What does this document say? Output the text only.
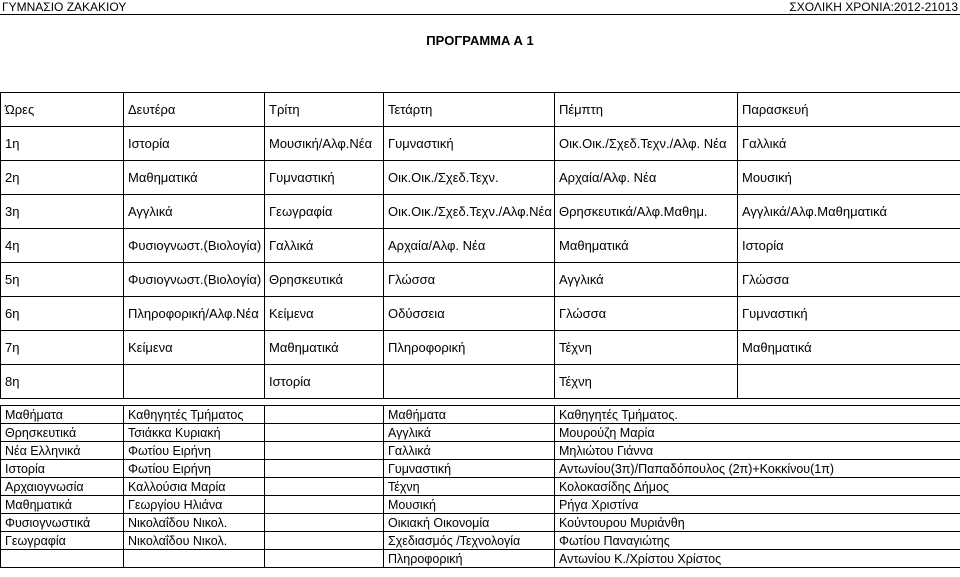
ΓΥΜΝΑΣΙΟ ΖΑΚΑΚΙΟΥ	ΣΧΟΛΙΚΗ ΧΡΟΝΙΑ:2012-21013
ΠΡΟΓΡΑΜΜΑ Α 1
Ώρες	Δευτέρα	Τρίτη	Τετάρτη	Πέμπτη	Παρασκευή
1η	Ιστορία	Μουσική/Αλφ.Νέα	Γυμναστική	Οικ.Οικ./Σχεδ.Τεχν./Αλφ. Νέα	Γαλλικά
2η	Μαθηματικά	Γυμναστική	Οικ.Οικ./Σχεδ.Τεχν.	Αρχαία/Αλφ. Νέα	Μουσική
3η	Αγγλικά	Γεωγραφία	Οικ.Οικ./Σχεδ.Τεχν./Αλφ.Νέα	Θρησκευτικά/Αλφ.Μαθημ.	Αγγλικά/Αλφ.Μαθηματικά
4η	Φυσιογνωστ.(Βιολογία)	Γαλλικά	Αρχαία/Αλφ. Νέα	Μαθηματικά	Ιστορία
5η	Φυσιογνωστ.(Βιολογία)	Θρησκευτικά	Γλώσσα	Αγγλικά	Γλώσσα
6η	Πληροφορική/Αλφ.Νέα	Κείμενα	Οδύσσεια	Γλώσσα	Γυμναστική
7η	Κείμενα	Μαθηματικά	Πληροφορική	Τέχνη	Μαθηματικά
8η		Ιστορία		Τέχνη	
Μαθήματα	Καθηγητές Τμήματος		Μαθήματα	Καθηγητές Τμήματος.
Θρησκευτικά	Τσιάκκα Κυριακή		Αγγλικά	Μουρούζη Μαρία
Νέα Ελληνικά	Φωτίου Ειρήνη		Γαλλικά	Μηλιώτου Γιάννα
Ιστορία	Φωτίου Ειρήνη		Γυμναστική	Αντωνίου(3π)/Παπαδόπουλος (2π)+Κοκκίνου(1π)
Αρχαιογνωσία	Καλλούσια Μαρία		Τέχνη	Κολοκασίδης Δήμος
Μαθηματικά	Γεωργίου Ηλιάνα		Μουσική	Ρήγα Χριστίνα
Φυσιογνωστικά	Νικολαΐδου Νικολ.		Οικιακή Οικονομία	Κούντουρου Μυριάνθη
Γεωγραφία	Νικολαΐδου Νικολ.		Σχεδιασμός /Τεχνολογία	Φωτίου Παναγιώτης
			Πληροφορική	Αντωνίου Κ./Χρίστου Χρίστος
